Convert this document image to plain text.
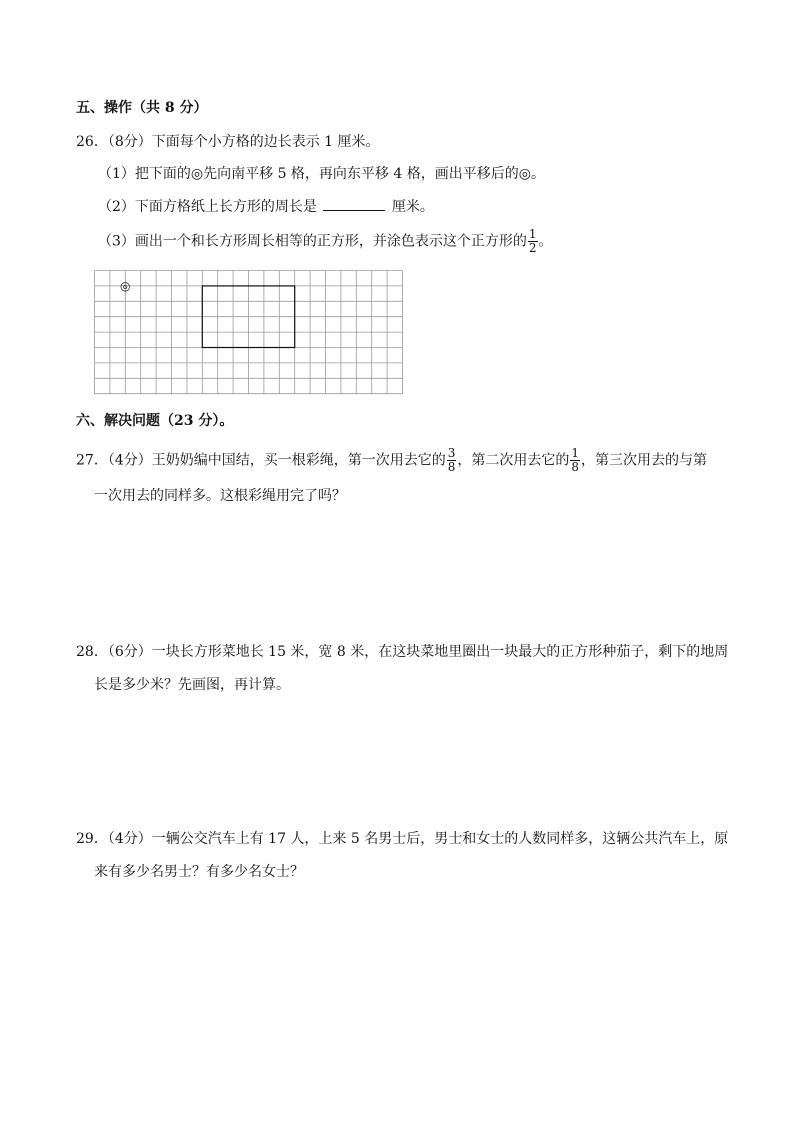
五、操作（共 8 分）
26．（8分）下面每个小方格的边长表示 1 厘米。
（1）把下面的◎先向南平移 5 格，再向东平移 4 格，画出平移后的◎。
（2）下面方格纸上长方形的周长是	厘米。
（3）画出一个和长方形周长相等的正方形，并涂色表示这个正方形的 $\frac{1}{2}$ 。
◎
六、解决问题（23 分）。
27．（4分）王奶奶编中国结，买一根彩绳，第一次用去它的 $\frac{3}{8}$ ，第二次用去它的 $\frac{1}{8}$ ，第三次用去的与第
一次用去的同样多。这根彩绳用完了吗？
28．（6分）一块长方形菜地长 15 米，宽 8 米，在这块菜地里圈出一块最大的正方形种茄子，剩下的地周
长是多少米？先画图，再计算。
29．（4分）一辆公交汽车上有 17 人，上来 5 名男士后，男士和女士的人数同样多，这辆公共汽车上，原
来有多少名男士？有多少名女士？
